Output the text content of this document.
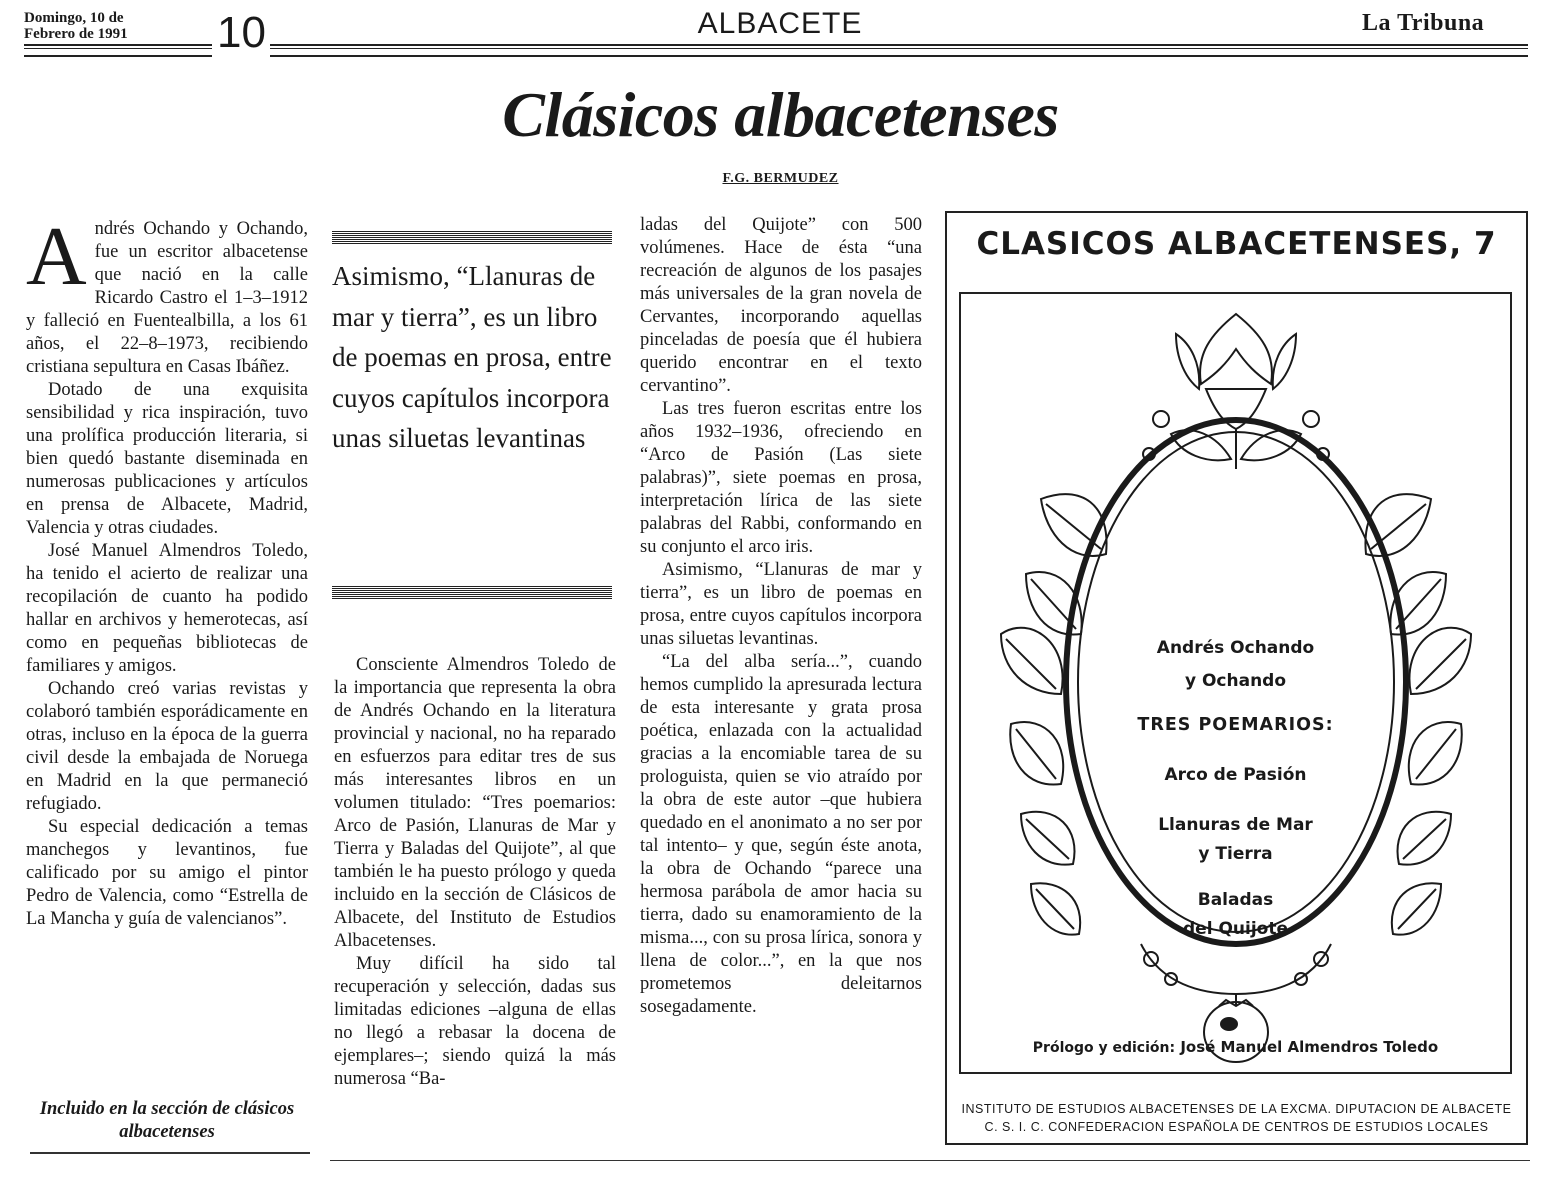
Domingo, 10 de
Febrero de 1991	10	ALBACETE	La Tribuna
Clásicos albacetenses
F.G. BERMUDEZ

Andrés Ochando y Ochando, fue un escritor albacetense que nació en la calle Ricardo Castro el 1–3–1912 y falleció en Fuentealbilla, a los 61 años, el 22–8–1973, recibiendo cristiana sepultura en Casas Ibáñez.

Dotado de una exquisita sensibilidad y rica inspiración, tuvo una prolífica producción literaria, si bien quedó bastante diseminada en numerosas publicaciones y artículos en prensa de Albacete, Madrid, Valencia y otras ciudades.

José Manuel Almendros Toledo, ha tenido el acierto de realizar una recopilación de cuanto ha podido hallar en archivos y hemerotecas, así como en pequeñas bibliotecas de familiares y amigos.

Ochando creó varias revistas y colaboró también esporádicamente en otras, incluso en la época de la guerra civil desde la embajada de Noruega en Madrid en la que permaneció refugiado.

Su especial dedicación a temas manchegos y levantinos, fue calificado por su amigo el pintor Pedro de Valencia, como “Estrella de La Mancha y guía de valencianos”.

Incluido en la sección de clásicos albacetenses
Asimismo, “Llanuras de mar y tierra”, es un libro de poemas en prosa, entre cuyos capítulos incorpora unas siluetas levantinas

Consciente Almendros Toledo de la importancia que representa la obra de Andrés Ochando en la literatura provincial y nacional, no ha reparado en esfuerzos para editar tres de sus más interesantes libros en un volumen titulado: “Tres poemarios: Arco de Pasión, Llanuras de Mar y Tierra y Baladas del Quijote”, al que también le ha puesto prólogo y queda incluido en la sección de Clásicos de Albacete, del Instituto de Estudios Albacetenses.

Muy difícil ha sido tal recuperación y selección, dadas sus limitadas ediciones –alguna de ellas no llegó a rebasar la docena de ejemplares–; siendo quizá la más numerosa “Ba-

ladas del Quijote” con 500 volúmenes. Hace de ésta “una recreación de algunos de los pasajes más universales de la gran novela de Cervantes, incorporando aquellas pinceladas de poesía que él hubiera querido encontrar en el texto cervantino”.

Las tres fueron escritas entre los años 1932–1936, ofreciendo en “Arco de Pasión (Las siete palabras)”, siete poemas en prosa, interpretación lírica de las siete palabras del Rabbi, conformando en su conjunto el arco iris.

Asimismo, “Llanuras de mar y tierra”, es un libro de poemas en prosa, entre cuyos capítulos incorpora unas siluetas levantinas.

“La del alba sería...”, cuando hemos cumplido la apresurada lectura de esta interesante y grata prosa poética, enlazada con la actualidad gracias a la encomiable tarea de su prologuista, quien se vio atraído por la obra de este autor –que hubiera quedado en el anonimato a no ser por tal intento– y que, según éste anota, la obra de Ochando “parece una hermosa parábola de amor hacia su tierra, dado su enamoramiento de la misma..., con su prosa lírica, sonora y llena de color...”, en la que nos prometemos deleitarnos sosegadamente.

CLASICOS ALBACETENSES, 7
Andrés Ochando
y Ochando
TRES POEMARIOS:
Arco de Pasión
Llanuras de Mar
y Tierra
Baladas
del Quijote
Prólogo y edición: José Manuel Almendros Toledo
INSTITUTO DE ESTUDIOS ALBACETENSES DE LA EXCMA. DIPUTACION DE ALBACETE
C. S. I. C. CONFEDERACION ESPAÑOLA DE CENTROS DE ESTUDIOS LOCALES
